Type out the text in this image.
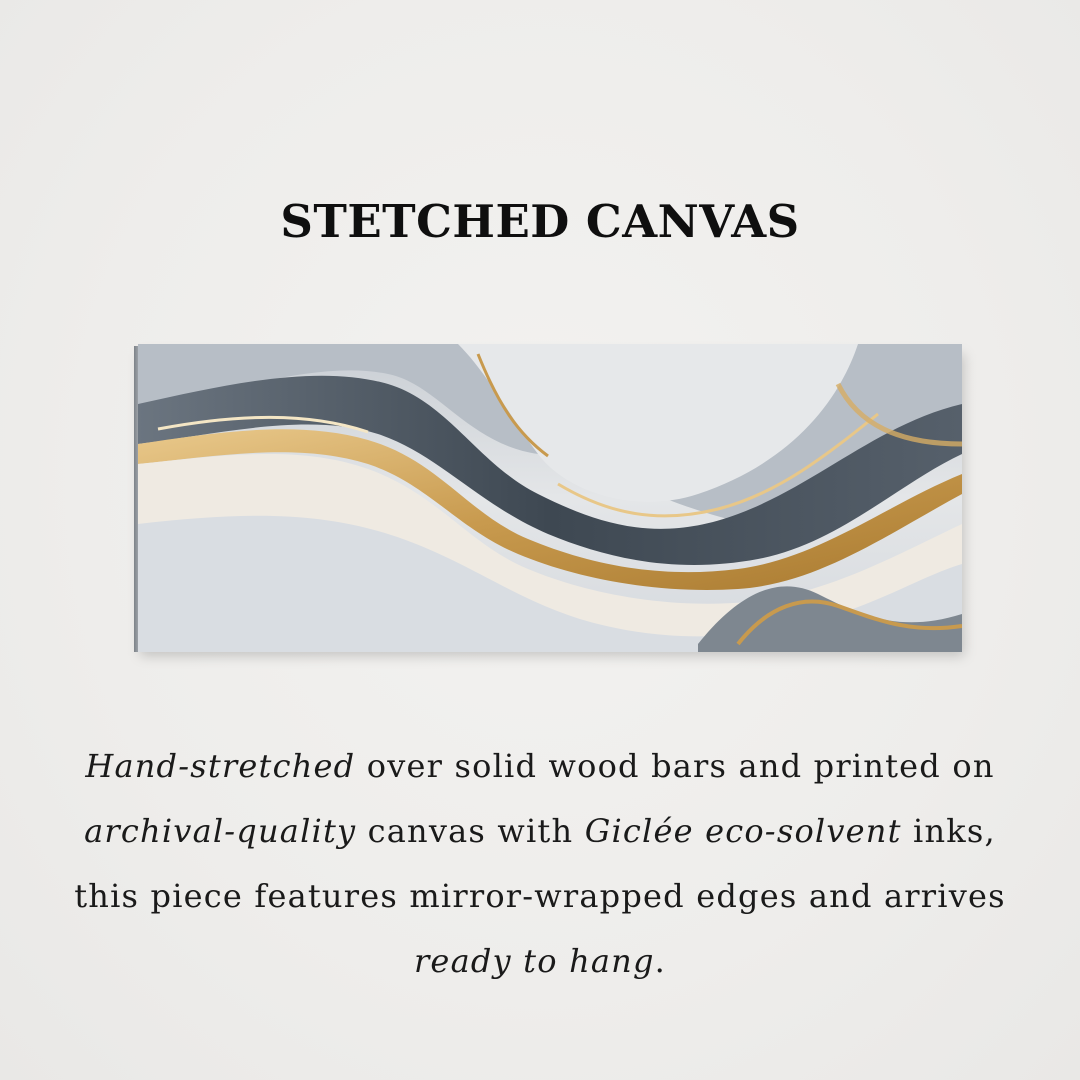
STETCHED CANVAS
Hand-stretched over solid wood bars and printed on archival-quality canvas with Giclée eco-solvent inks, this piece features mirror-wrapped edges and arrives ready to hang.
